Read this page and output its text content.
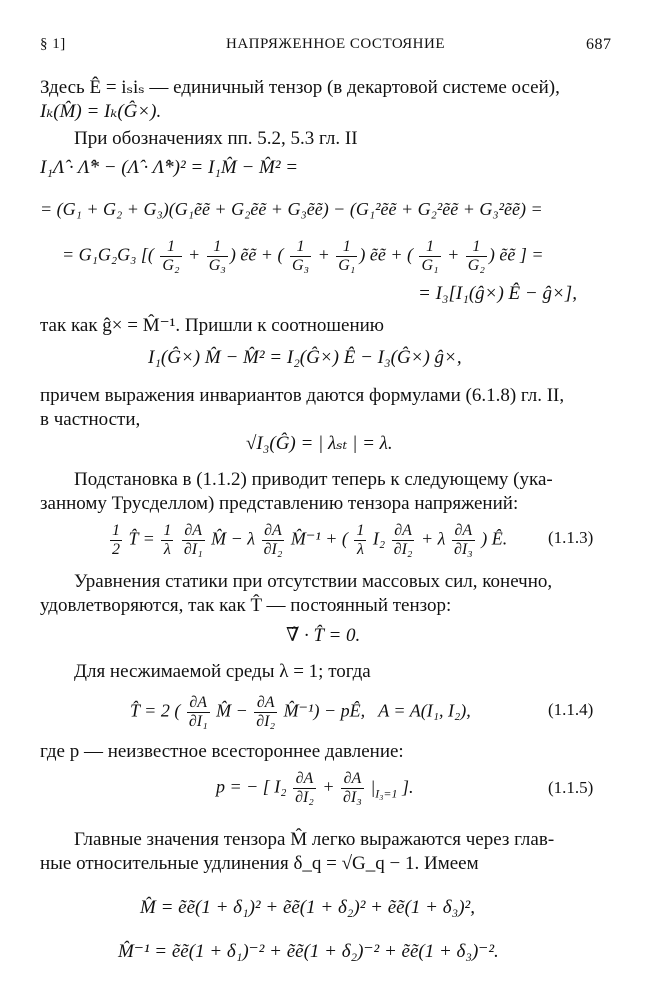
§ 1]	НАПРЯЖЕННОЕ СОСТОЯНИЕ	687
Здесь Ê = iₛiₛ — единичный тензор (в декартовой системе осей),
Iₖ(M̂) = Iₖ(Ĝ×).
При обозначениях пп. 5.2, 5.3 гл. II
I₁Λ̂ · Λ̂* − (Λ̂ · Λ̂*)² = I₁M̂ − M̂² =
= (G₁ + G₂ + G₃)(G₁ẽẽ + G₂ẽẽ + G₃ẽẽ) − (G₁²ẽẽ + G₂²ẽẽ + G₃²ẽẽ) =
= G₁G₂G₃ [( $\frac{1}{\text{G₂}} + \frac{1}{\text{G₃}}$ ) ẽẽ + ( $\frac{1}{\text{G₃}} + \frac{1}{\text{G₁}}$ ) ẽẽ + ( $\frac{1}{\text{G₁}} + \frac{1}{\text{G₂}}$ ) ẽẽ ] =
= I₃[I₁(ĝ×) Ê − ĝ×],
так как ĝ× = M̂⁻¹. Пришли к соотношению
I₁(Ĝ×) M̂ − M̂² = I₂(Ĝ×) Ê − I₃(Ĝ×) ĝ×,
причем выражения инвариантов даются формулами (6.1.8) гл. II,
в частности,
√I₃(Ĝ) = | λₛₜ | = λ.
Подстановка в (1.1.2) приводит теперь к следующему (ука-
занному Трусделлом) представлению тензора напряжений:
$\frac{1}{2}$ T̂ = $\frac{1}{\lambda}$
$\frac{\partial A}{\text{∂I₁}}$ M̂ − λ $\frac{\partial A}{\text{∂I₂}}$ M̂⁻¹ + ( $\frac{1}{\lambda} I_2 \frac{\partial A}{\text{∂I₂}} + \lambda \frac{\partial A}{\text{∂I₃}}$ ) Ê. (1.1.3)
Уравнения статики при отсутствии массовых сил, конечно,
удовлетворяются, так как T̂ — постоянный тензор:
∇̃ · T̂ = 0.
Для несжимаемой среды λ = 1; тогда
T̂ = 2 ( $\frac{\partial A}{\text{∂I₁}}$ M̂ − $\frac{\partial A}{\text{∂I₂}}$ M̂⁻¹) − pÊ,   A = A(I₁, I₂),	(1.1.4)
где p — неизвестное всестороннее давление:
p = − [ $I_2 \frac{\partial A}{\text{∂I₂}} + \frac{\partial A}{\text{∂I₃}} |_{I_3=1}$ ].	(1.1.5)
Главные значения тензора M̂ легко выражаются через глав-
ные относительные удлинения δ_q = √G_q − 1. Имеем
M̂ = ẽẽ(1 + δ₁)² + ẽẽ(1 + δ₂)² + ẽẽ(1 + δ₃)²,
M̂⁻¹ = ẽẽ(1 + δ₁)⁻² + ẽẽ(1 + δ₂)⁻² + ẽẽ(1 + δ₃)⁻².
